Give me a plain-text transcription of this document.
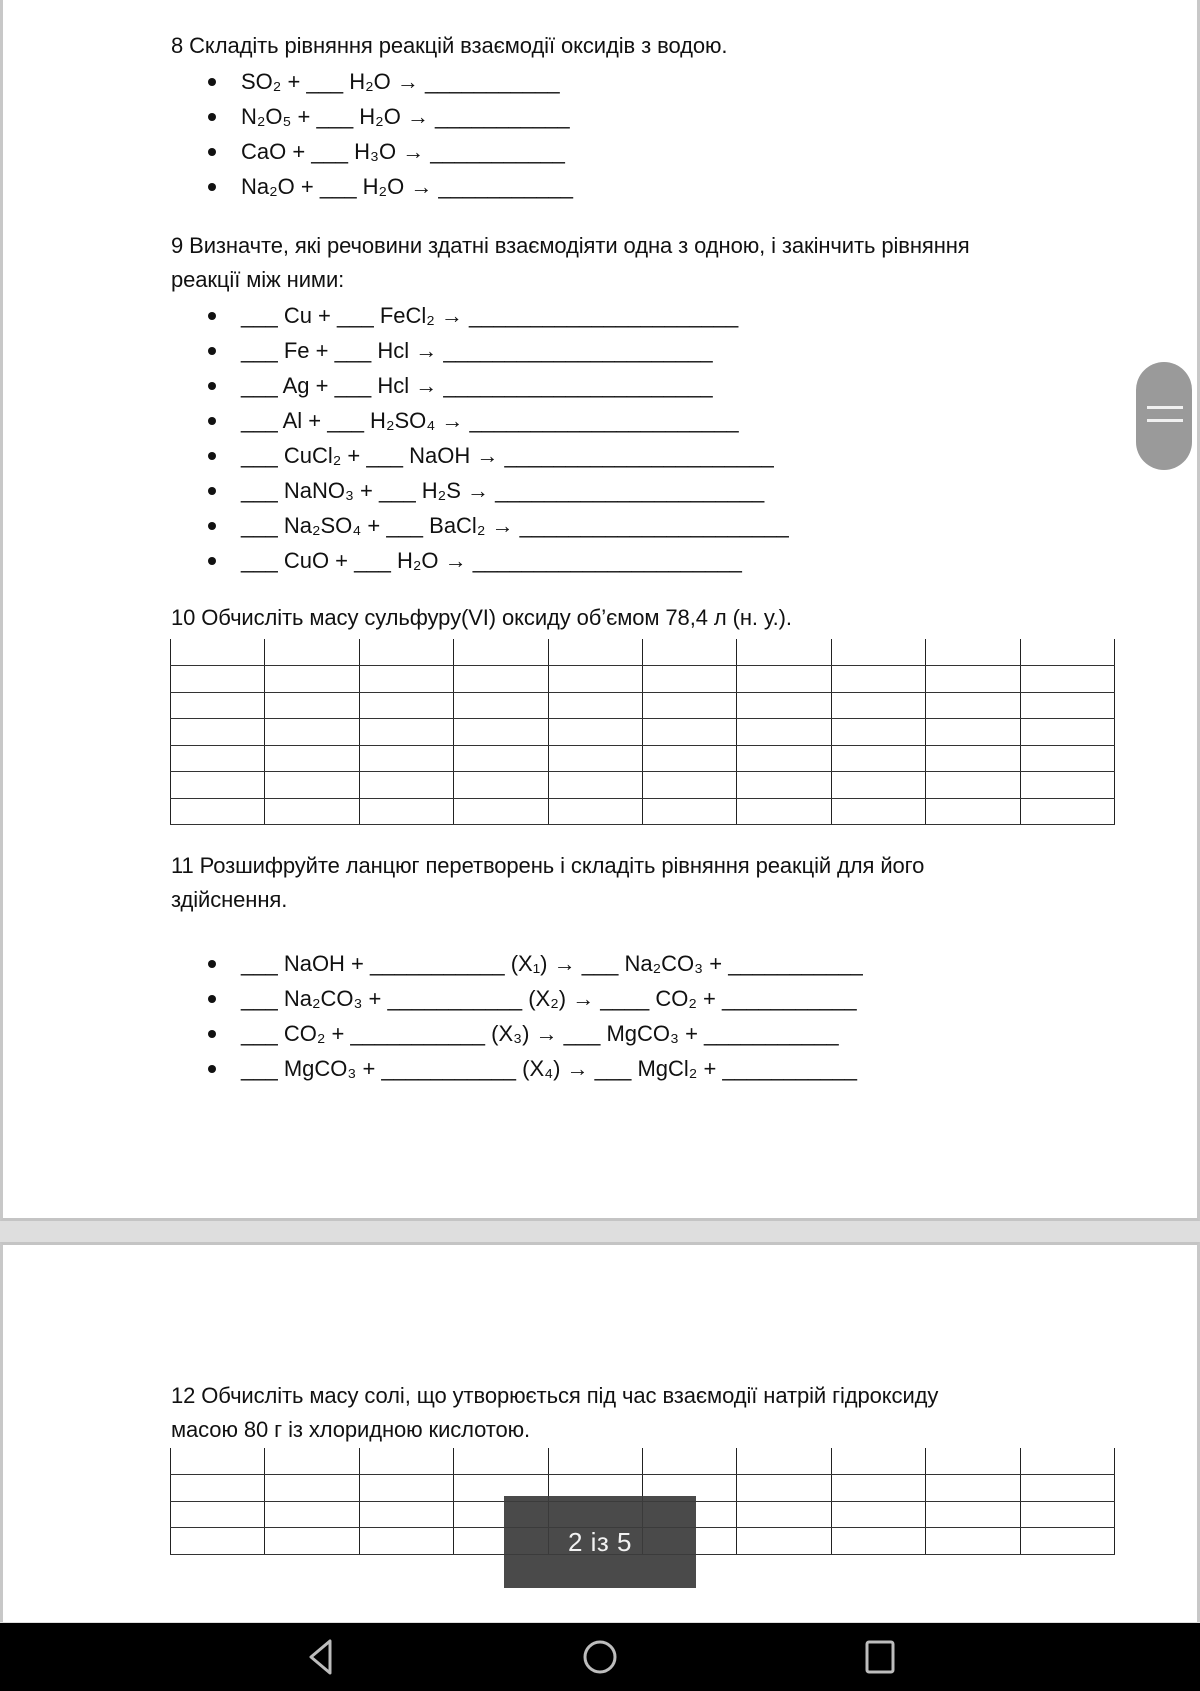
8 Складіть рівняння реакцій взаємодії оксидів з водою.
SO₂ + ___ H₂O → ___________
N₂O₅ + ___ H₂O → ___________
CaO + ___ H₃O → ___________
Na₂O + ___ H₂O → ___________
9 Визначте, які речовини здатні взаємодіяти одна з одною, і закінчить рівняння
реакції між ними:
___ Cu + ___ FeCl₂ → ______________________
___ Fe + ___ Hcl → ______________________
___ Ag + ___ Hcl → ______________________
___ Al + ___ H₂SO₄ → ______________________
___ CuCl₂ + ___ NaOH → ______________________
___ NaNO₃ + ___ H₂S → ______________________
___ Na₂SO₄ + ___ BaCl₂ → ______________________
___ CuO + ___ H₂O → ______________________
10 Обчисліть масу сульфуру(VI) оксиду об’ємом 78,4 л (н. у.).

11 Розшифруйте ланцюг перетворень і складіть рівняння реакцій для його
здійснення.
___ NaOH + ___________ (X₁) → ___ Na₂CO₃ + ___________
___ Na₂CO₃ + ___________ (X₂) → ____ CO₂ + ___________
___ CO₂ + ___________ (X₃) → ___ MgCO₃ + ___________
___ MgCO₃ + ___________ (X₄) → ___ MgCl₂ + ___________
12 Обчисліть масу солі, що утворюється під час взаємодії натрій гідроксиду
масою 80 г із хлоридною кислотою.

2 із 5
